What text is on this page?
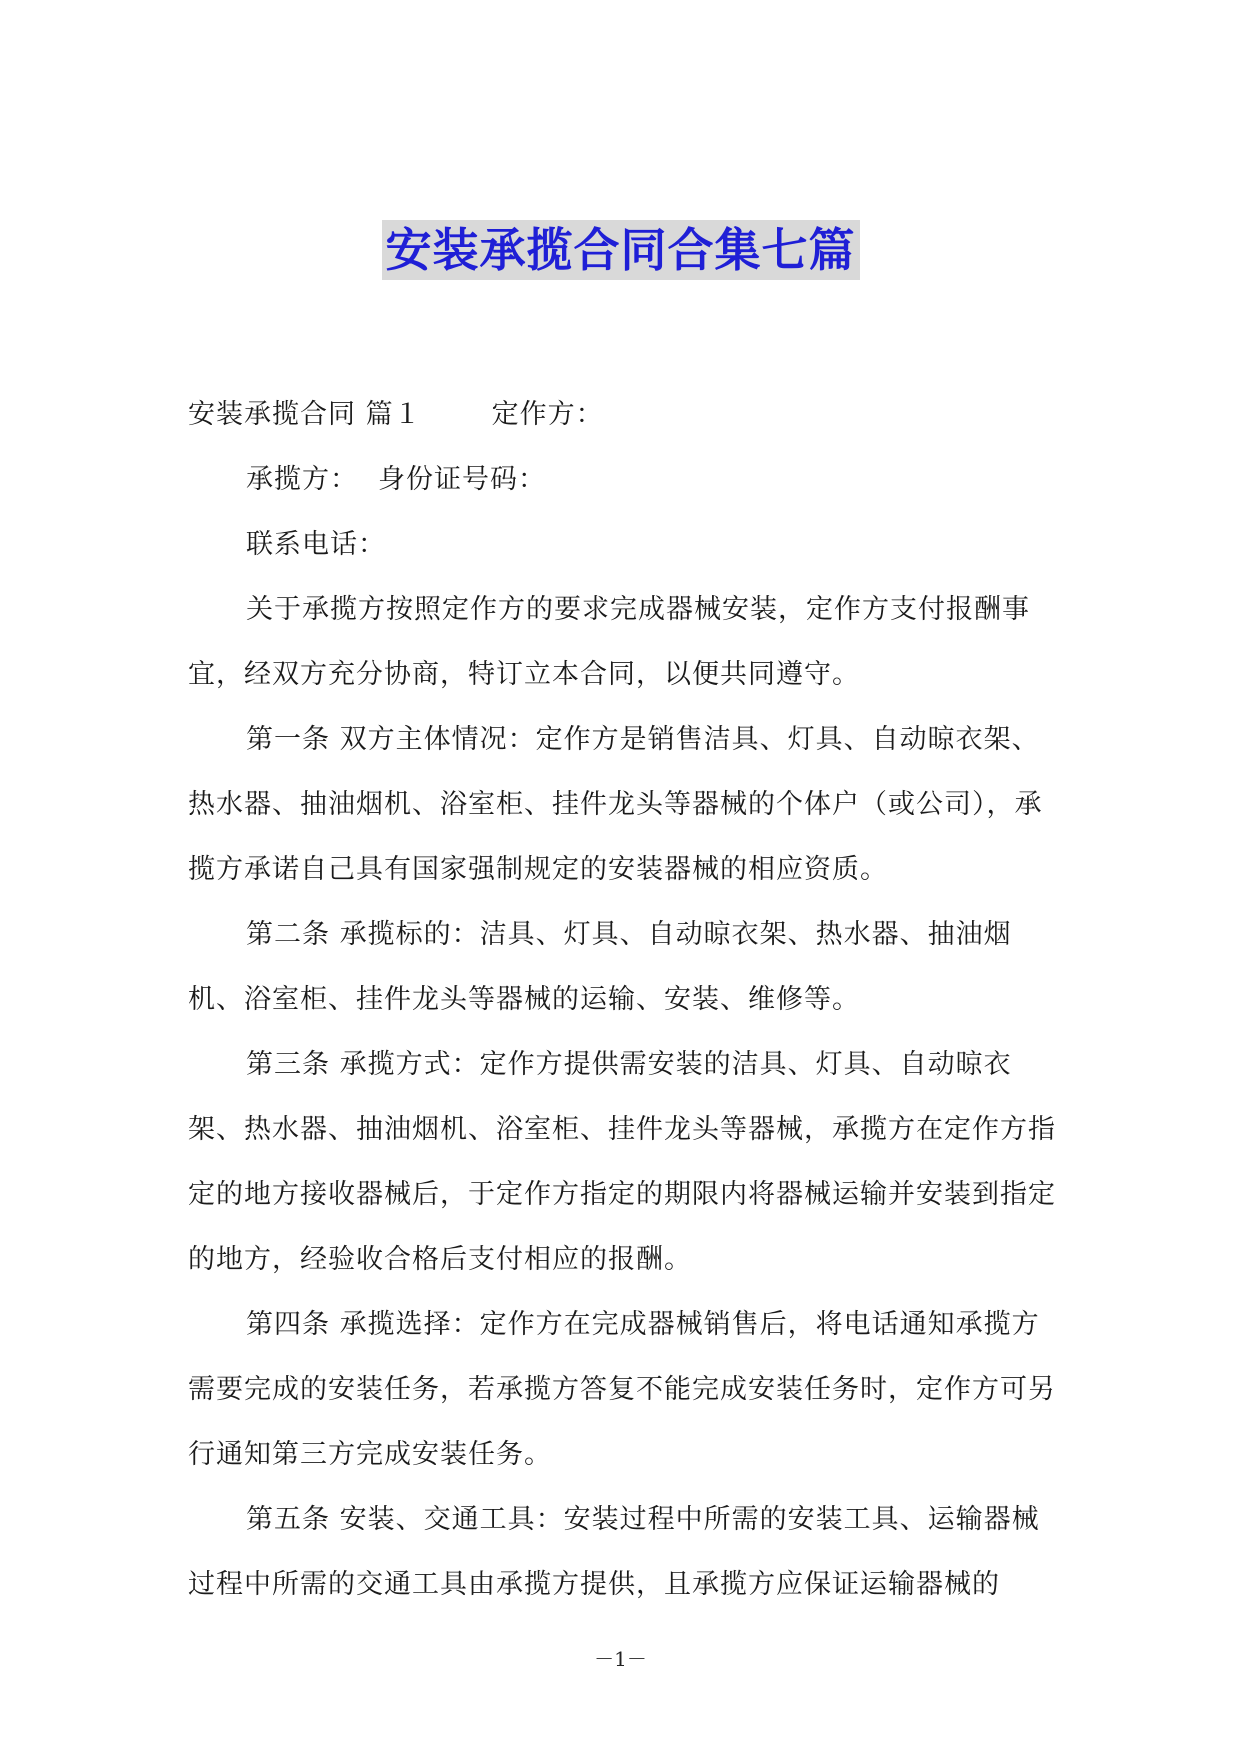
安装承揽合同合集七篇

安装承揽合同 篇１	定作方：

承揽方： 身份证号码：

联系电话：

关于承揽方按照定作方的要求完成器械安装，定作方支付报酬事宜，经双方充分协商，特订立本合同，以便共同遵守。

第一条 双方主体情况：定作方是销售洁具、灯具、自动晾衣架、热水器、抽油烟机、浴室柜、挂件龙头等器械的个体户（或公司），承揽方承诺自己具有国家强制规定的安装器械的相应资质。

第二条 承揽标的：洁具、灯具、自动晾衣架、热水器、抽油烟机、浴室柜、挂件龙头等器械的运输、安装、维修等。

第三条 承揽方式：定作方提供需安装的洁具、灯具、自动晾衣架、热水器、抽油烟机、浴室柜、挂件龙头等器械，承揽方在定作方指定的地方接收器械后，于定作方指定的期限内将器械运输并安装到指定的地方，经验收合格后支付相应的报酬。

第四条 承揽选择：定作方在完成器械销售后，将电话通知承揽方需要完成的安装任务，若承揽方答复不能完成安装任务时，定作方可另行通知第三方完成安装任务。

第五条 安装、交通工具：安装过程中所需的安装工具、运输器械过程中所需的交通工具由承揽方提供，且承揽方应保证运输器械的

－1－
